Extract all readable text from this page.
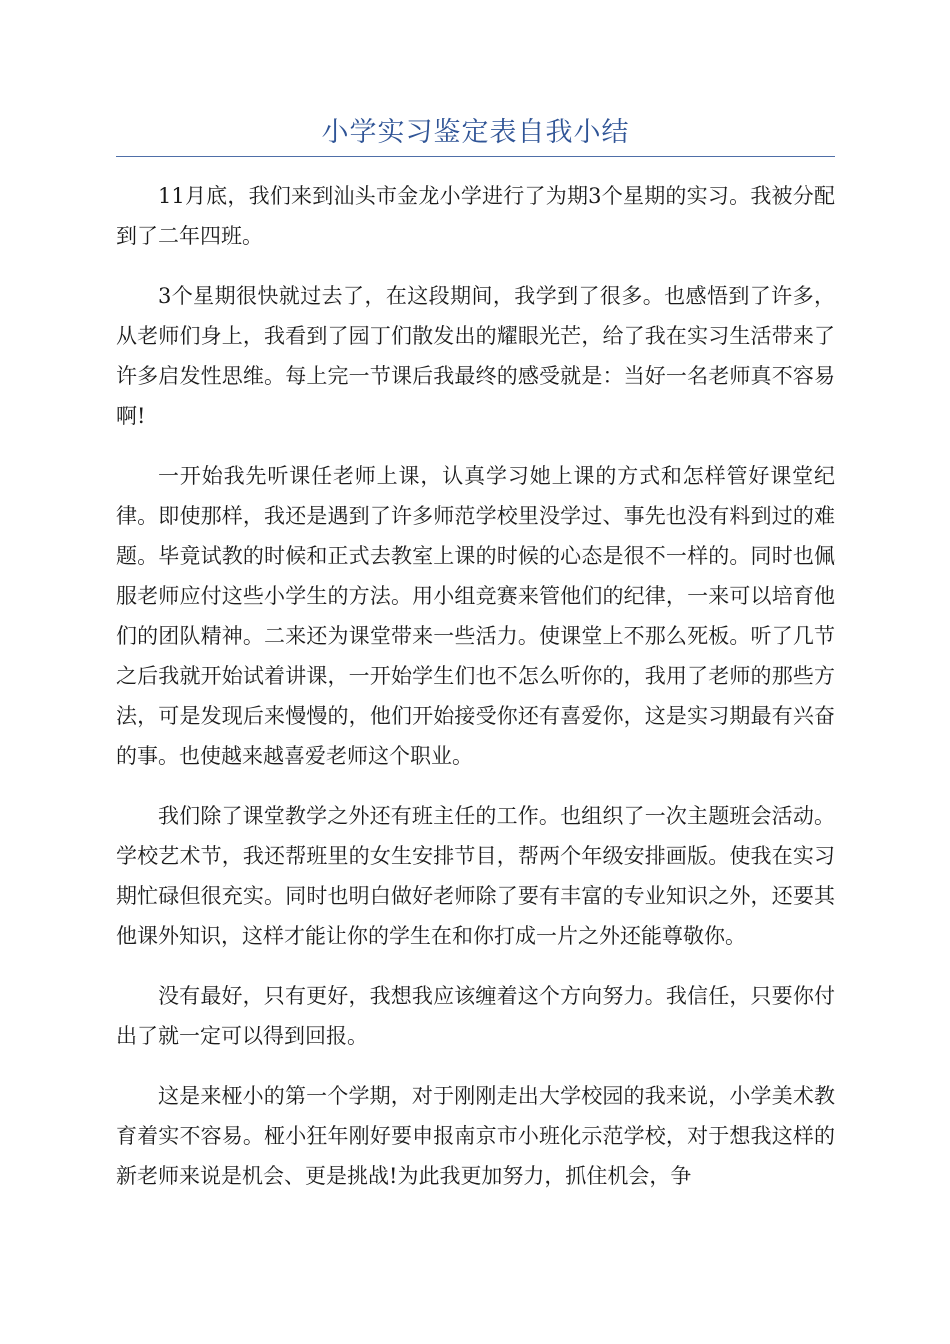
小学实习鉴定表自我小结

11月底，我们来到汕头市金龙小学进行了为期3个星期的实习。我被分配到了二年四班。

3个星期很快就过去了，在这段期间，我学到了很多。也感悟到了许多，从老师们身上，我看到了园丁们散发出的耀眼光芒，给了我在实习生活带来了许多启发性思维。每上完一节课后我最终的感受就是：当好一名老师真不容易啊!

一开始我先听课任老师上课，认真学习她上课的方式和怎样管好课堂纪律。即使那样，我还是遇到了许多师范学校里没学过、事先也没有料到过的难题。毕竟试教的时候和正式去教室上课的时候的心态是很不一样的。同时也佩服老师应付这些小学生的方法。用小组竞赛来管他们的纪律，一来可以培育他们的团队精神。二来还为课堂带来一些活力。使课堂上不那么死板。听了几节之后我就开始试着讲课，一开始学生们也不怎么听你的，我用了老师的那些方法，可是发现后来慢慢的，他们开始接受你还有喜爱你，这是实习期最有兴奋的事。也使越来越喜爱老师这个职业。

我们除了课堂教学之外还有班主任的工作。也组织了一次主题班会活动。学校艺术节，我还帮班里的女生安排节目，帮两个年级安排画版。使我在实习期忙碌但很充实。同时也明白做好老师除了要有丰富的专业知识之外，还要其他课外知识，这样才能让你的学生在和你打成一片之外还能尊敬你。

没有最好，只有更好，我想我应该缠着这个方向努力。我信任，只要你付出了就一定可以得到回报。

这是来桠小的第一个学期，对于刚刚走出大学校园的我来说，小学美术教育着实不容易。桠小狂年刚好要申报南京市小班化示范学校，对于想我这样的新老师来说是机会、更是挑战!为此我更加努力，抓住机会，争
